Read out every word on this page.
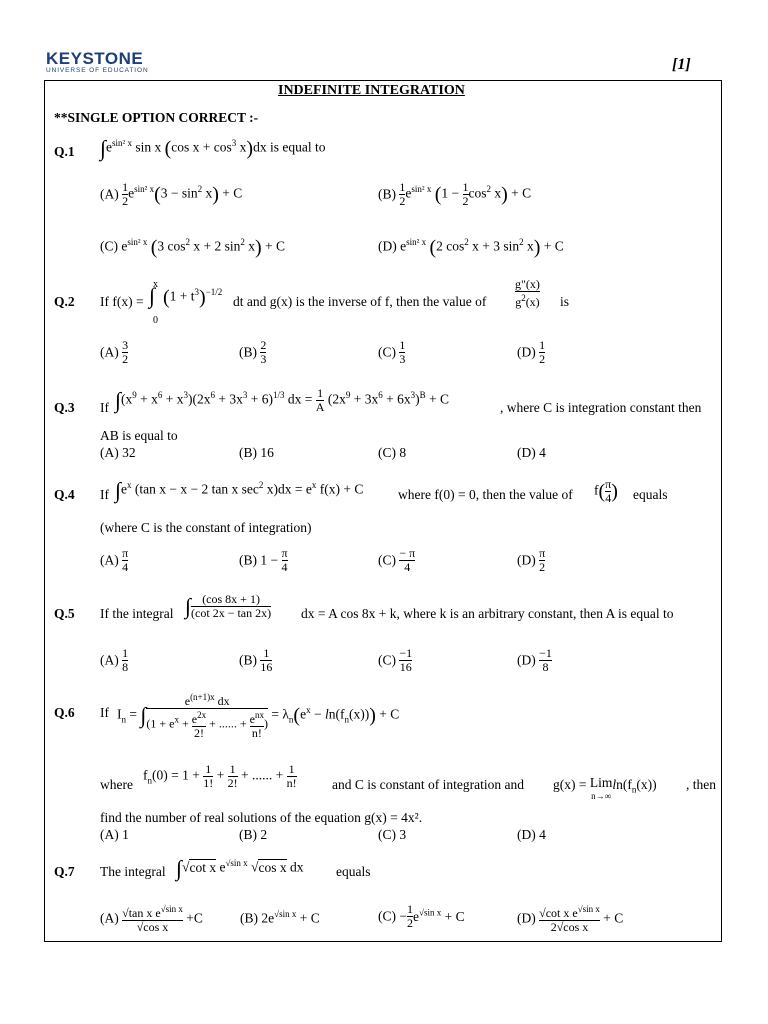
KEYSTONE
UNIVERSE OF EDUCATION	[1]
INDEFINITE INTEGRATION
**SINGLE OPTION CORRECT :-
Q.1 $\int e^{sin^2 x}$ sin x (cos $x + \cos^3 x)dx$ is equal to
$(A) \frac{1}{2} e^{sin^2 x}(3 - \sin^2 x) + C$	$(B) \frac{1}{2} e^{sin^2 x}$ $(1 - \frac{1}{2} \cos^2 x) + C$
(C) $e^{sin^2 x}$ (3 $\cos^2 x + 2$ $\sin^2 x) + C$	(D) $e^{sin^2 x}$ (2 $\cos^2 x + 3$ $\sin^2 x) + C$
Q.2 If f(x) =
x
∫
0
$(1 + t^3)^{-1/2}$
dt and g(x) is the inverse of f, then the value of $\frac{g"(x)}{g^2(x)}$ is
$(A) \frac{3}{2}$	$(B) \frac{2}{3}$	$(C) \frac{1}{3}$	$(D) \frac{1}{2}$
Q.3 If $\int(x^9 + x^6 + x^3)(2x^6 + 3x^3 + 6)^{1/3}$ dx = $\frac{1}{A} (2x^9 + 3x^6 + 6x^3)^B + C$
, where C is integration constant then
AB is equal to
(A) 32	(B) 16	(C) 8	(D) 4
Q.4 If $\int e^x$ (tan x − x − 2 tan x $\sec^2 x)dx = e^x$ f(x) + C	where f(0) = 0, then the value of $f( \frac{\pi}{4}$ ) equals
(where C is the constant of integration)
$(A) \frac{\pi}{4}$	(B) $1 - \frac{\pi}{4}$	$(C) \frac{- \pi}{4}$	$(D) \frac{\pi}{2}$
Q.5 If the integral ∫ $\frac{(\cos 8x + 1)}{(\cot 2x - \tan 2x)}$ dx = A cos 8x + k, where k is an arbitrary constant, then A is equal to
$(A) \frac{1}{8}$	$(B) \frac{1}{16}$	$(C) \frac{-1}{16}$	$(D) \frac{-1}{8}$
Q.6 If $I_n$ = ∫
$e^{(n+1)x}$ dx
($1 + e^x + \frac{e^{2x}}{2!}$ + ...... + $e^{nx}$
n!
)
= $\lambda_n(e^x - \ln(f_n(x))) + C$
where
$f_n(0) = 1 + \frac{1}{1!} + \frac{1}{2!}$ + ...... + $\frac{1}{n!}$	and C is constant of integration and g(x) = Lim
$n\to\infty\ln(f_n(x))$ , then
find the number of real solutions of the equation g(x) = 4x².
(A) 1	(B) 2	(C) 3	(D) 4
Q.7 The integral ∫√cot x $e^{√sin x}$ √cos x dx equals
$(A) \frac{√\tan x e^{√sin x}}{\text{√cos x}} +C$	(B) $2e^{√sin x} + C$	$(C) - \frac{1}{2} e^{√sin x} + C$	$(D) \frac{√\cot x e^{√sin x}}{\text{2√cos x}} + C$
